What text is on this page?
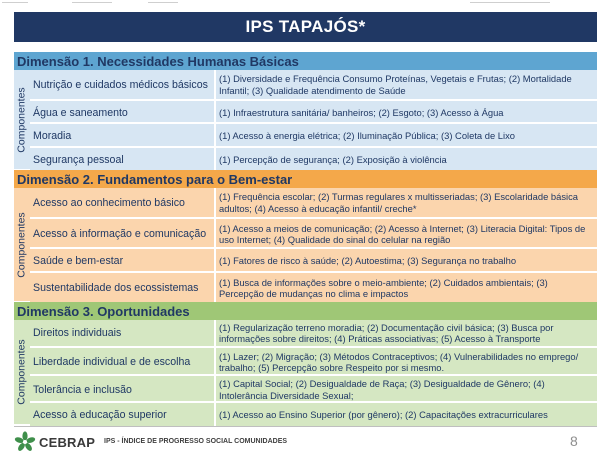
IPS TAPAJÓS*
Dimensão 1. Necessidades Humanas Básicas
Componentes
Nutrição e cuidados médicos básicos	(1) Diversidade e Frequência Consumo Proteínas, Vegetais e Frutas; (2) Mortalidade Infantil; (3) Qualidade atendimento de Saúde
Água e saneamento	(1) Infraestrutura sanitária/ banheiros; (2) Esgoto; (3) Acesso à Água
Moradia	(1) Acesso à energia elétrica; (2) Iluminação Pública; (3) Coleta de Lixo
Segurança pessoal	(1) Percepção de segurança; (2) Exposição à violência
Dimensão 2. Fundamentos para o Bem-estar
Componentes
Acesso ao conhecimento básico	(1) Frequência escolar; (2) Turmas regulares x multisseriadas; (3) Escolaridade básica adultos; (4) Acesso à educação infantil/ creche*
Acesso à informação e comunicação	(1) Acesso a meios de comunicação; (2) Acesso à Internet; (3) Literacia Digital: Tipos de uso Internet; (4) Qualidade do sinal do celular na região
Saúde e bem-estar	(1) Fatores de risco à saúde; (2) Autoestima; (3) Segurança no trabalho
Sustentabilidade dos ecossistemas	(1) Busca de informações sobre o meio-ambiente; (2) Cuidados ambientais; (3) Percepção de mudanças no clima e impactos
Dimensão 3. Oportunidades
Componentes
Direitos individuais	(1) Regularização terreno moradia; (2) Documentação civil básica; (3) Busca por informações sobre direitos; (4) Práticas associativas; (5) Acesso à Transporte
Liberdade individual e de escolha	(1) Lazer; (2) Migração; (3) Métodos Contraceptivos; (4) Vulnerabilidades no emprego/ trabalho; (5) Percepção sobre Respeito por si mesmo.
Tolerância e inclusão	(1) Capital Social; (2) Desigualdade de Raça; (3) Desigualdade de Gênero; (4) Intolerância Diversidade Sexual;
Acesso à educação superior	(1) Acesso ao Ensino Superior (por gênero); (2) Capacitações extracurriculares
CEBRAP IPS - ÍNDICE DE PROGRESSO SOCIAL COMUNIDADES	8
